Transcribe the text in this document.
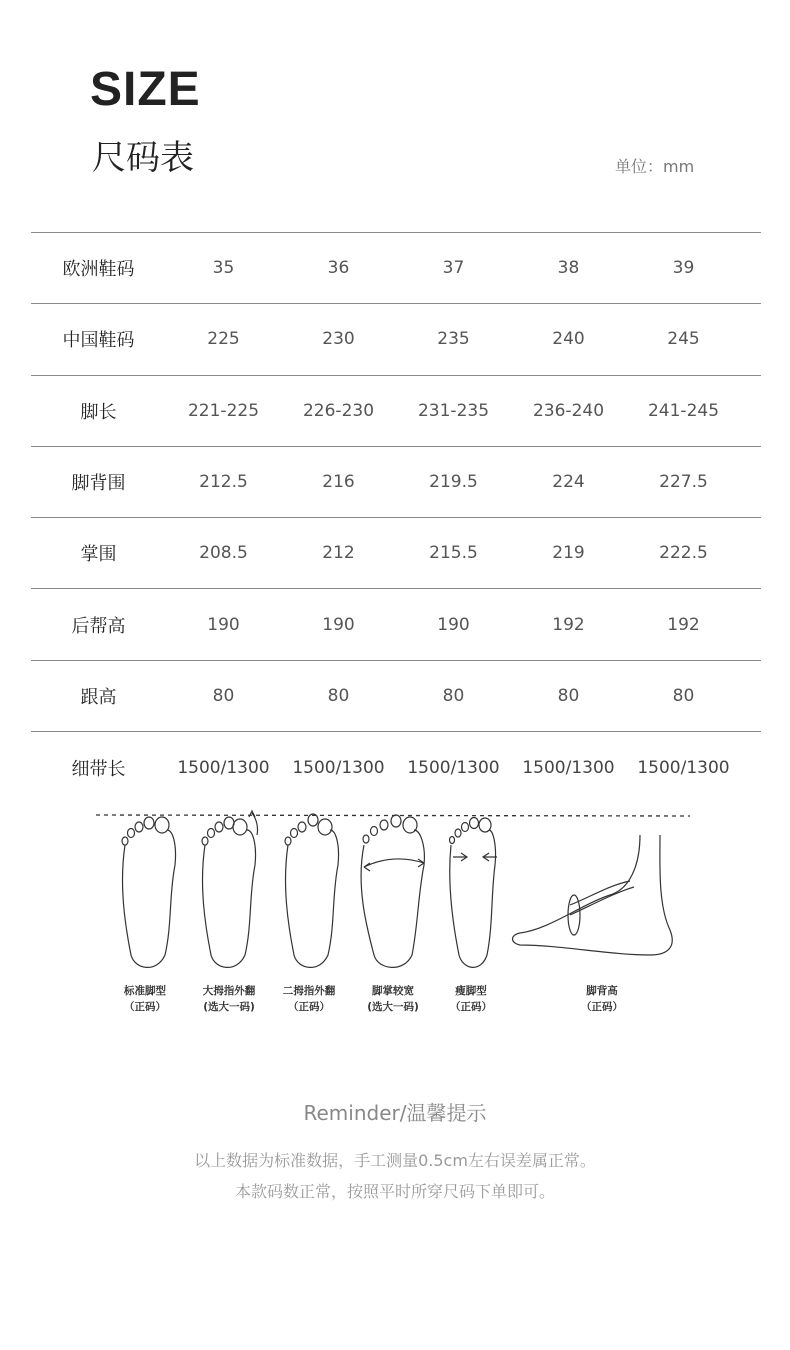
SIZE
尺码表	单位：mm
欧洲鞋码	35	36	37	38	39
中国鞋码	225	230	235	240	245
脚长	221-225	226-230	231-235	236-240	241-245
脚背围	212.5	216	219.5	224	227.5
掌围	208.5	212	215.5	219	222.5
后帮高	190	190	190	192	192
跟高	80	80	80	80	80
细带长	1500/1300	1500/1300	1500/1300	1500/1300	1500/1300
标准脚型
（正码）
大拇指外翻
(选大一码)
二拇指外翻
（正码）
脚掌较宽
(选大一码)
瘦脚型
（正码）
脚背高
（正码）
Reminder/温馨提示
以上数据为标准数据，手工测量0.5cm左右误差属正常。
本款码数正常，按照平时所穿尺码下单即可。
